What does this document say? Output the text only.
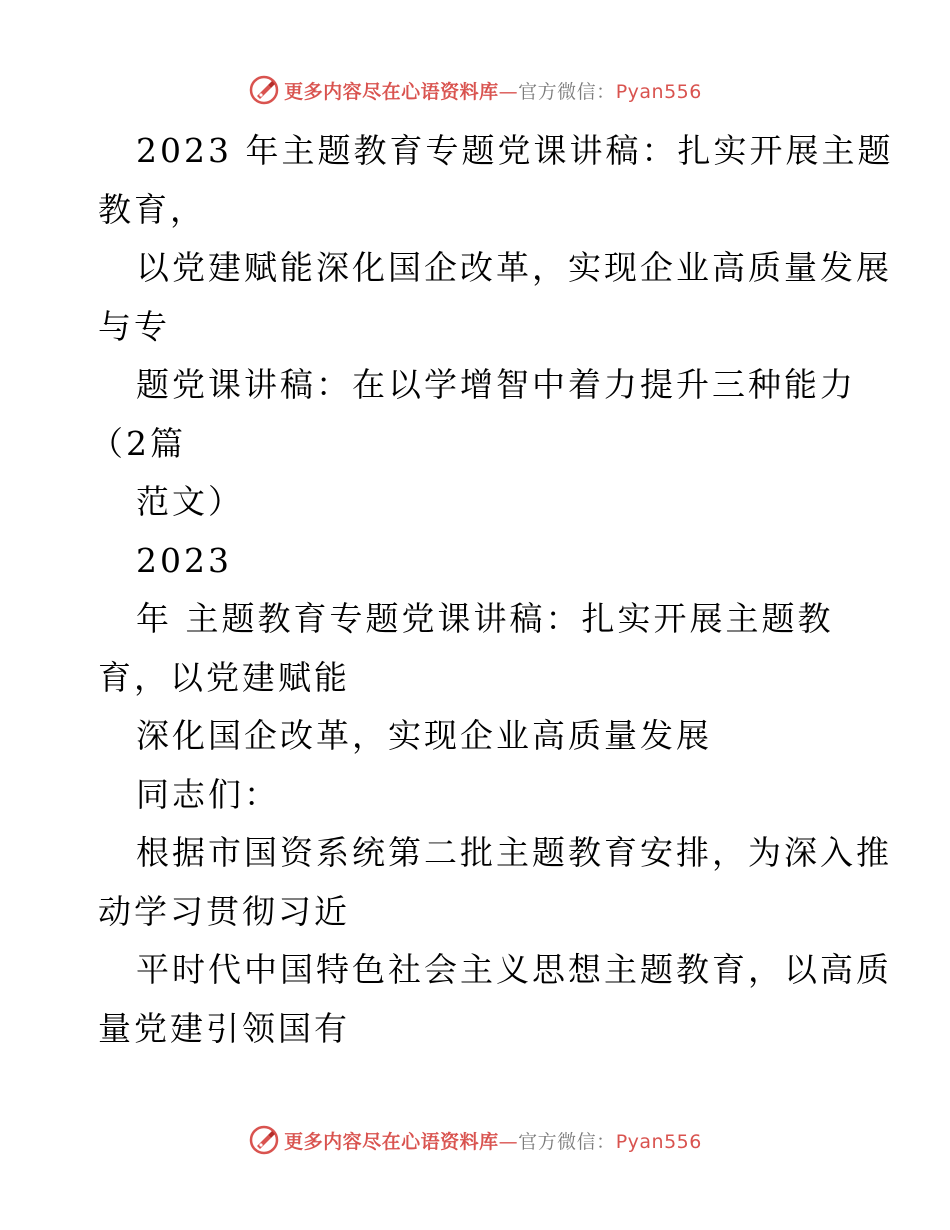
更多内容尽在心语资料库—官方微信：Pyan556
2023 年主题教育专题党课讲稿：扎实开展主题
教育，
以党建赋能深化国企改革，实现企业高质量发展
与专
题党课讲稿：在以学增智中着力提升三种能力
（2篇
范文）
2023
年 主题教育专题党课讲稿：扎实开展主题教
育，以党建赋能
深化国企改革，实现企业高质量发展
同志们：
根据市国资系统第二批主题教育安排，为深入推
动学习贯彻习近
平时代中国特色社会主义思想主题教育，以高质
量党建引领国有
更多内容尽在心语资料库—官方微信：Pyan556
